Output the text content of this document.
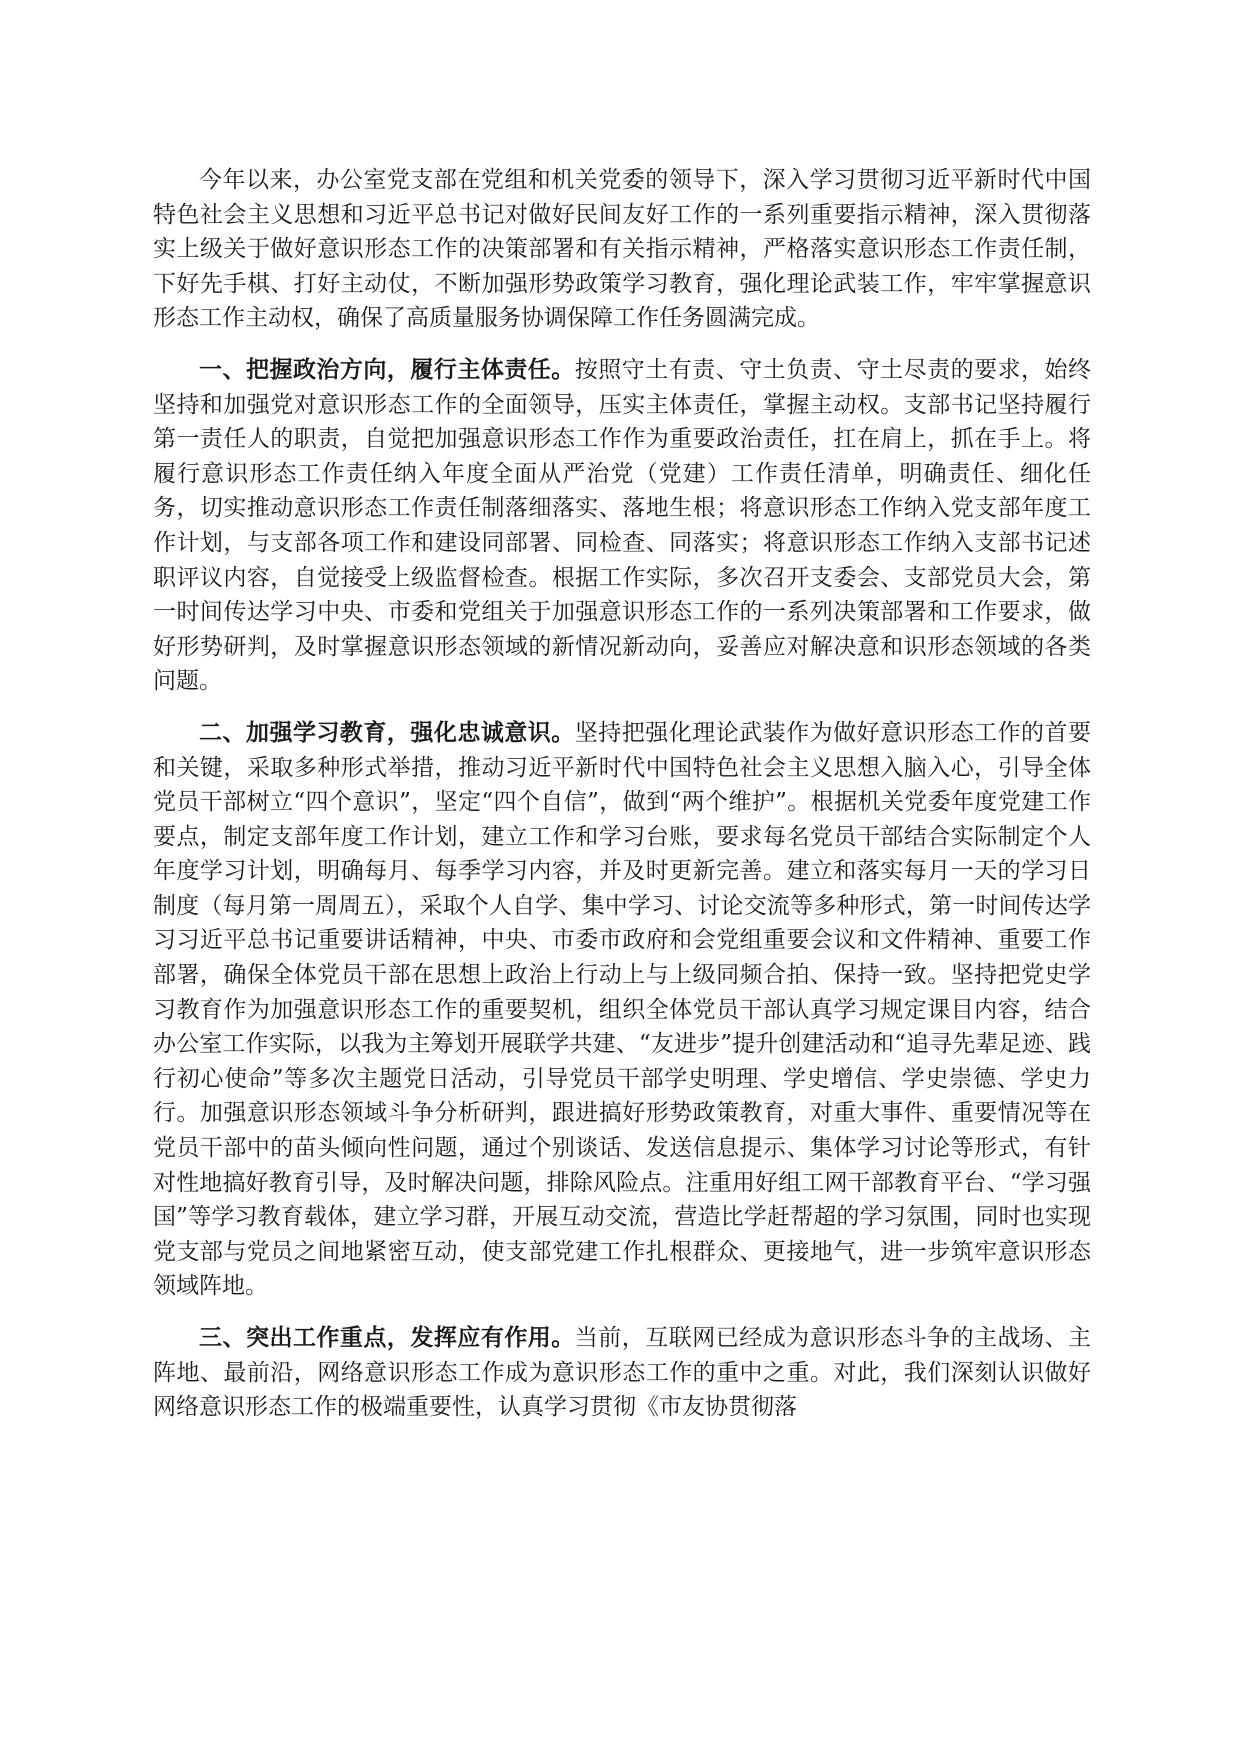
今年以来，办公室党支部在党组和机关党委的领导下，深入学习贯彻习近平新时代中国特色社会主义思想和习近平总书记对做好民间友好工作的一系列重要指示精神，深入贯彻落实上级关于做好意识形态工作的决策部署和有关指示精神，严格落实意识形态工作责任制，下好先手棋、打好主动仗，不断加强形势政策学习教育，强化理论武装工作，牢牢掌握意识形态工作主动权，确保了高质量服务协调保障工作任务圆满完成。

一、把握政治方向，履行主体责任。按照守土有责、守土负责、守土尽责的要求，始终坚持和加强党对意识形态工作的全面领导，压实主体责任，掌握主动权。支部书记坚持履行第一责任人的职责，自觉把加强意识形态工作作为重要政治责任，扛在肩上，抓在手上。将履行意识形态工作责任纳入年度全面从严治党（党建）工作责任清单，明确责任、细化任务，切实推动意识形态工作责任制落细落实、落地生根；将意识形态工作纳入党支部年度工作计划，与支部各项工作和建设同部署、同检查、同落实；将意识形态工作纳入支部书记述职评议内容，自觉接受上级监督检查。根据工作实际，多次召开支委会、支部党员大会，第一时间传达学习中央、市委和党组关于加强意识形态工作的一系列决策部署和工作要求，做好形势研判，及时掌握意识形态领域的新情况新动向，妥善应对解决意和识形态领域的各类问题。

二、加强学习教育，强化忠诚意识。坚持把强化理论武装作为做好意识形态工作的首要和关键，采取多种形式举措，推动习近平新时代中国特色社会主义思想入脑入心，引导全体党员干部树立“四个意识”，坚定“四个自信”，做到“两个维护”。根据机关党委年度党建工作要点，制定支部年度工作计划，建立工作和学习台账，要求每名党员干部结合实际制定个人年度学习计划，明确每月、每季学习内容，并及时更新完善。建立和落实每月一天的学习日制度（每月第一周周五），采取个人自学、集中学习、讨论交流等多种形式，第一时间传达学习习近平总书记重要讲话精神，中央、市委市政府和会党组重要会议和文件精神、重要工作部署，确保全体党员干部在思想上政治上行动上与上级同频合拍、保持一致。坚持把党史学习教育作为加强意识形态工作的重要契机，组织全体党员干部认真学习规定课目内容，结合办公室工作实际，以我为主筹划开展联学共建、“友进步”提升创建活动和“追寻先辈足迹、践行初心使命”等多次主题党日活动，引导党员干部学史明理、学史增信、学史崇德、学史力行。加强意识形态领域斗争分析研判，跟进搞好形势政策教育，对重大事件、重要情况等在党员干部中的苗头倾向性问题，通过个别谈话、发送信息提示、集体学习讨论等形式，有针对性地搞好教育引导，及时解决问题，排除风险点。注重用好组工网干部教育平台、“学习强国”等学习教育载体，建立学习群，开展互动交流，营造比学赶帮超的学习氛围，同时也实现党支部与党员之间地紧密互动，使支部党建工作扎根群众、更接地气，进一步筑牢意识形态领域阵地。

三、突出工作重点，发挥应有作用。当前，互联网已经成为意识形态斗争的主战场、主阵地、最前沿，网络意识形态工作成为意识形态工作的重中之重。对此，我们深刻认识做好网络意识形态工作的极端重要性，认真学习贯彻《市友协贯彻落
